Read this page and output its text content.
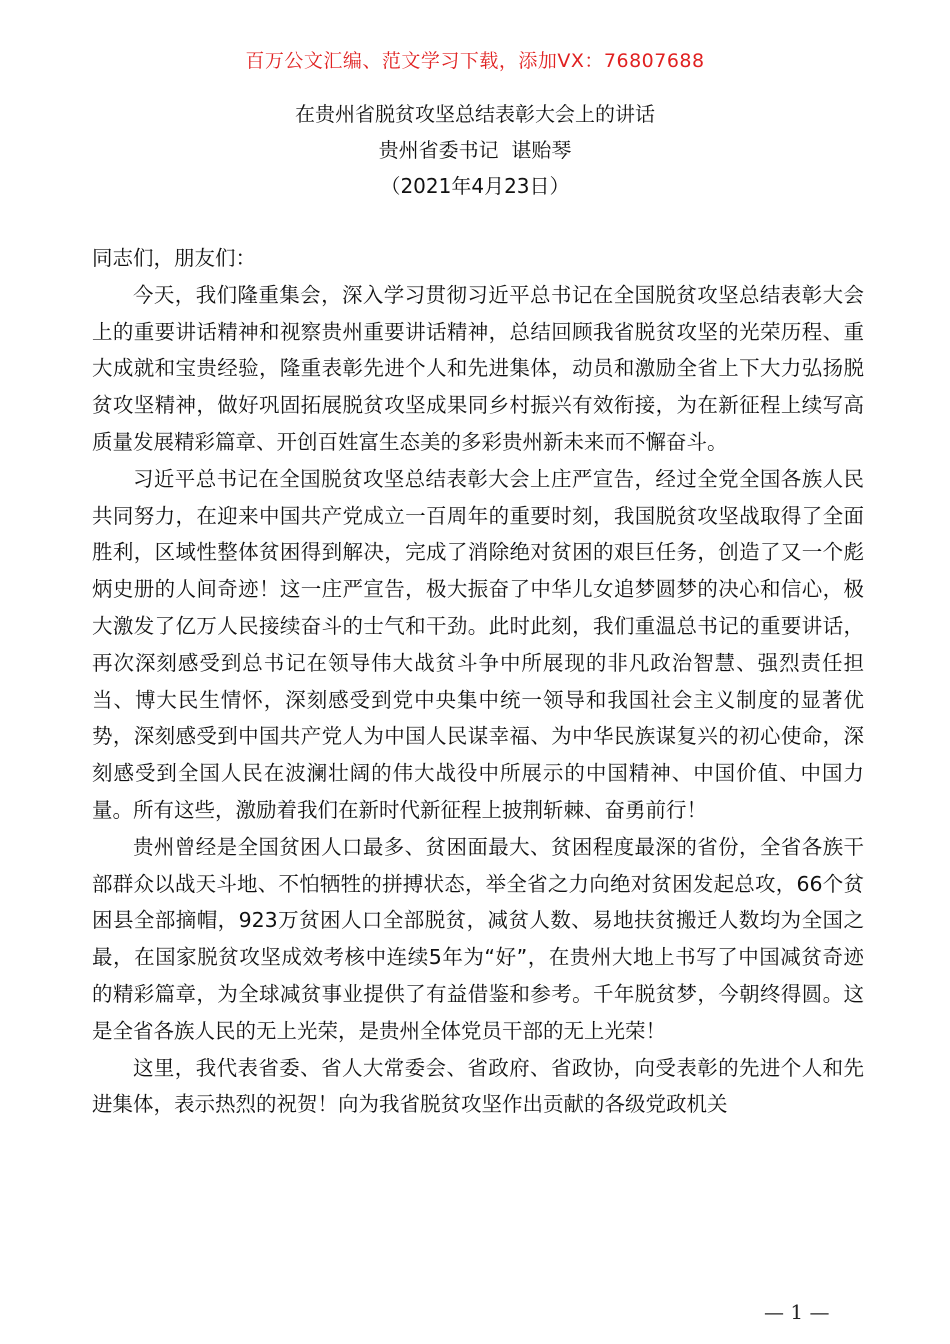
百万公文汇编、范文学习下载，添加VX：76807688
在贵州省脱贫攻坚总结表彰大会上的讲话
贵州省委书记  谌贻琴
（2021年4月23日）

同志们，朋友们：

今天，我们隆重集会，深入学习贯彻习近平总书记在全国脱贫攻坚总结表彰大会上的重要讲话精神和视察贵州重要讲话精神，总结回顾我省脱贫攻坚的光荣历程、重大成就和宝贵经验，隆重表彰先进个人和先进集体，动员和激励全省上下大力弘扬脱贫攻坚精神，做好巩固拓展脱贫攻坚成果同乡村振兴有效衔接，为在新征程上续写高质量发展精彩篇章、开创百姓富生态美的多彩贵州新未来而不懈奋斗。

习近平总书记在全国脱贫攻坚总结表彰大会上庄严宣告，经过全党全国各族人民共同努力，在迎来中国共产党成立一百周年的重要时刻，我国脱贫攻坚战取得了全面胜利，区域性整体贫困得到解决，完成了消除绝对贫困的艰巨任务，创造了又一个彪炳史册的人间奇迹！这一庄严宣告，极大振奋了中华儿女追梦圆梦的决心和信心，极大激发了亿万人民接续奋斗的士气和干劲。此时此刻，我们重温总书记的重要讲话，再次深刻感受到总书记在领导伟大战贫斗争中所展现的非凡政治智慧、强烈责任担当、博大民生情怀，深刻感受到党中央集中统一领导和我国社会主义制度的显著优势，深刻感受到中国共产党人为中国人民谋幸福、为中华民族谋复兴的初心使命，深刻感受到全国人民在波澜壮阔的伟大战役中所展示的中国精神、中国价值、中国力量。所有这些，激励着我们在新时代新征程上披荆斩棘、奋勇前行！

贵州曾经是全国贫困人口最多、贫困面最大、贫困程度最深的省份，全省各族干部群众以战天斗地、不怕牺牲的拼搏状态，举全省之力向绝对贫困发起总攻，66个贫困县全部摘帽，923万贫困人口全部脱贫，减贫人数、易地扶贫搬迁人数均为全国之最，在国家脱贫攻坚成效考核中连续5年为“好”，在贵州大地上书写了中国减贫奇迹的精彩篇章，为全球减贫事业提供了有益借鉴和参考。千年脱贫梦，今朝终得圆。这是全省各族人民的无上光荣，是贵州全体党员干部的无上光荣！

这里，我代表省委、省人大常委会、省政府、省政协，向受表彰的先进个人和先进集体，表示热烈的祝贺！向为我省脱贫攻坚作出贡献的各级党政机关

— 1 —
